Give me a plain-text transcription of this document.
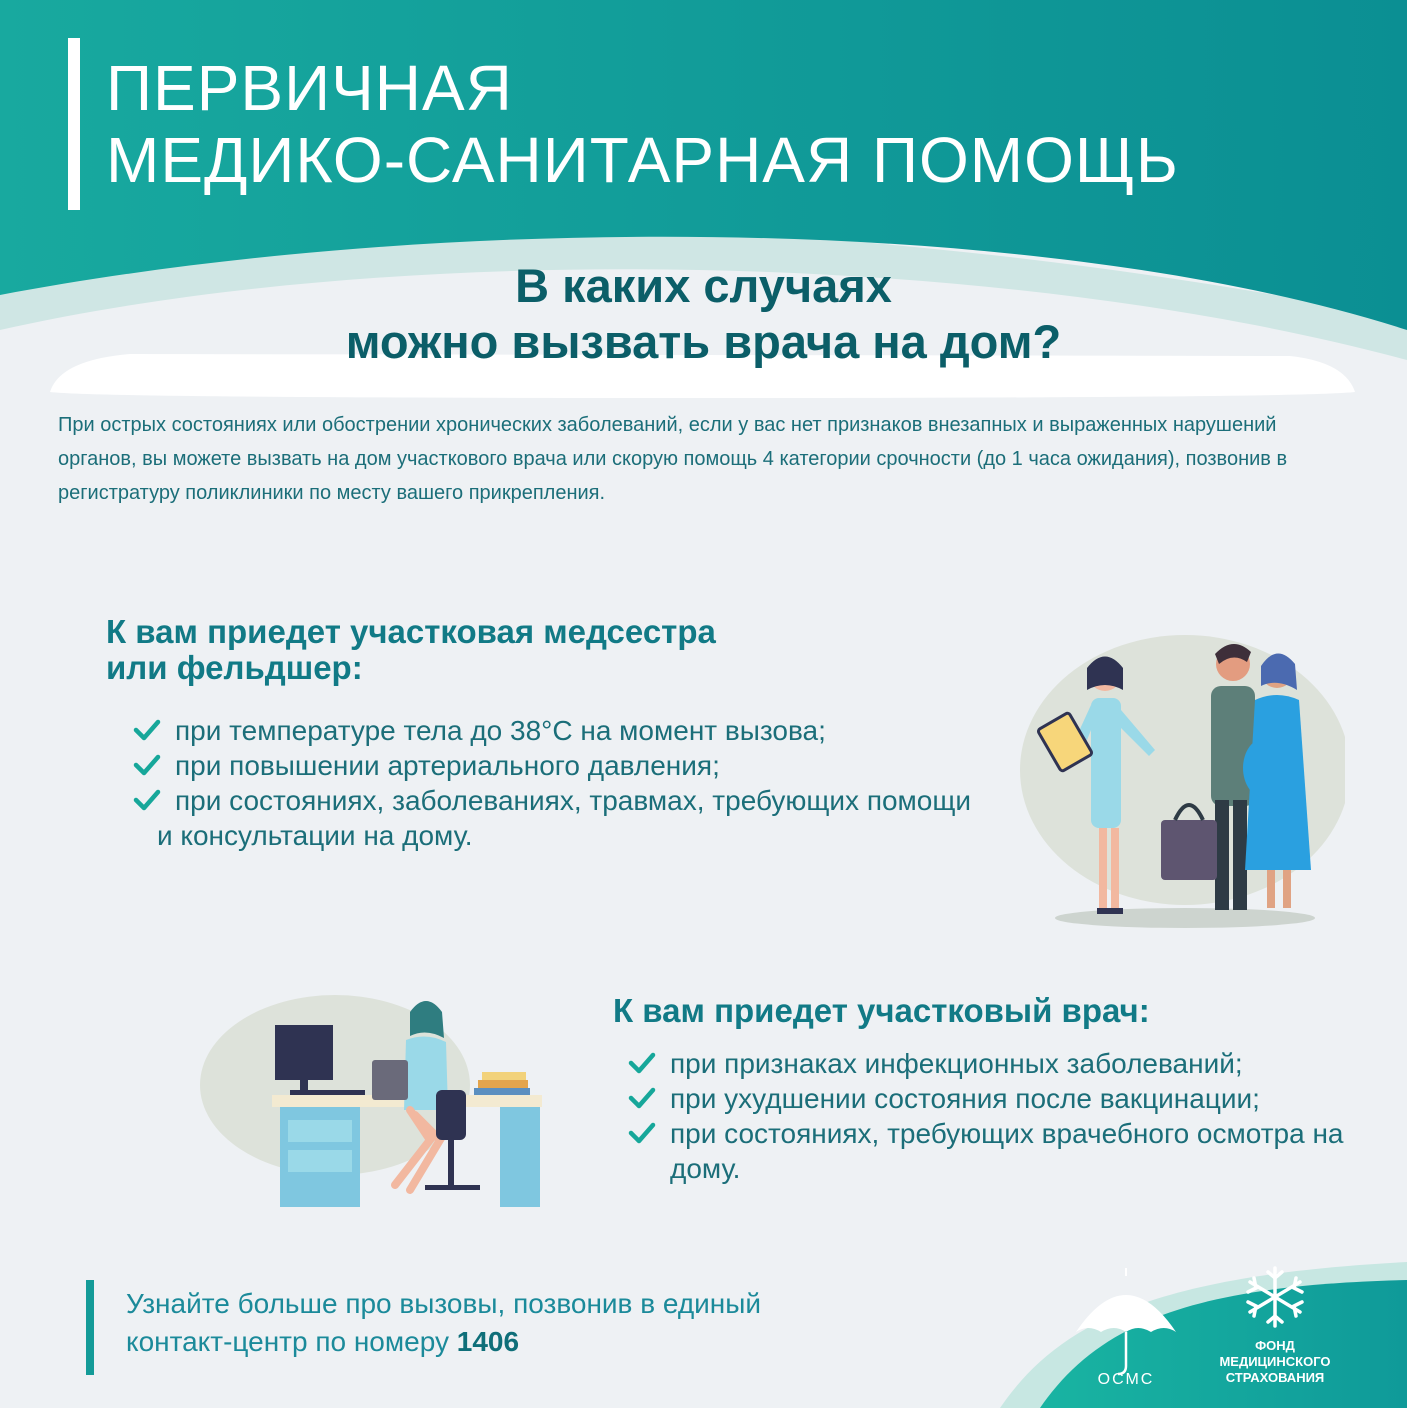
ПЕРВИЧНАЯ
МЕДИКО-САНИТАРНАЯ ПОМОЩЬ
В каких случаях
можно вызвать врача на дом?

При острых состояниях или обострении хронических заболеваний, если у вас нет признаков внезапных и выраженных нарушений органов, вы можете вызвать на дом участкового врача или скорую помощь 4 категории срочности (до 1 часа ожидания), позвонив в регистратуру поликлиники по месту вашего прикрепления.

К вам приедет участковая медсестра
или фельдшер:
при температуре тела до 38°С на момент вызова;
при повышении артериального давления;
при состояниях, заболеваниях, травмах, требующих помощи и консультации на дому.
К вам приедет участковый врач:
при признаках инфекционных заболеваний;
при ухудшении состояния после вакцинации;
при состояниях, требующих врачебного осмотра на дому.

Узнайте больше про вызовы, позвонив в единый
контакт-центр по номеру 1406

ОСМС
ФОНД
МЕДИЦИНСКОГО
СТРАХОВАНИЯ
